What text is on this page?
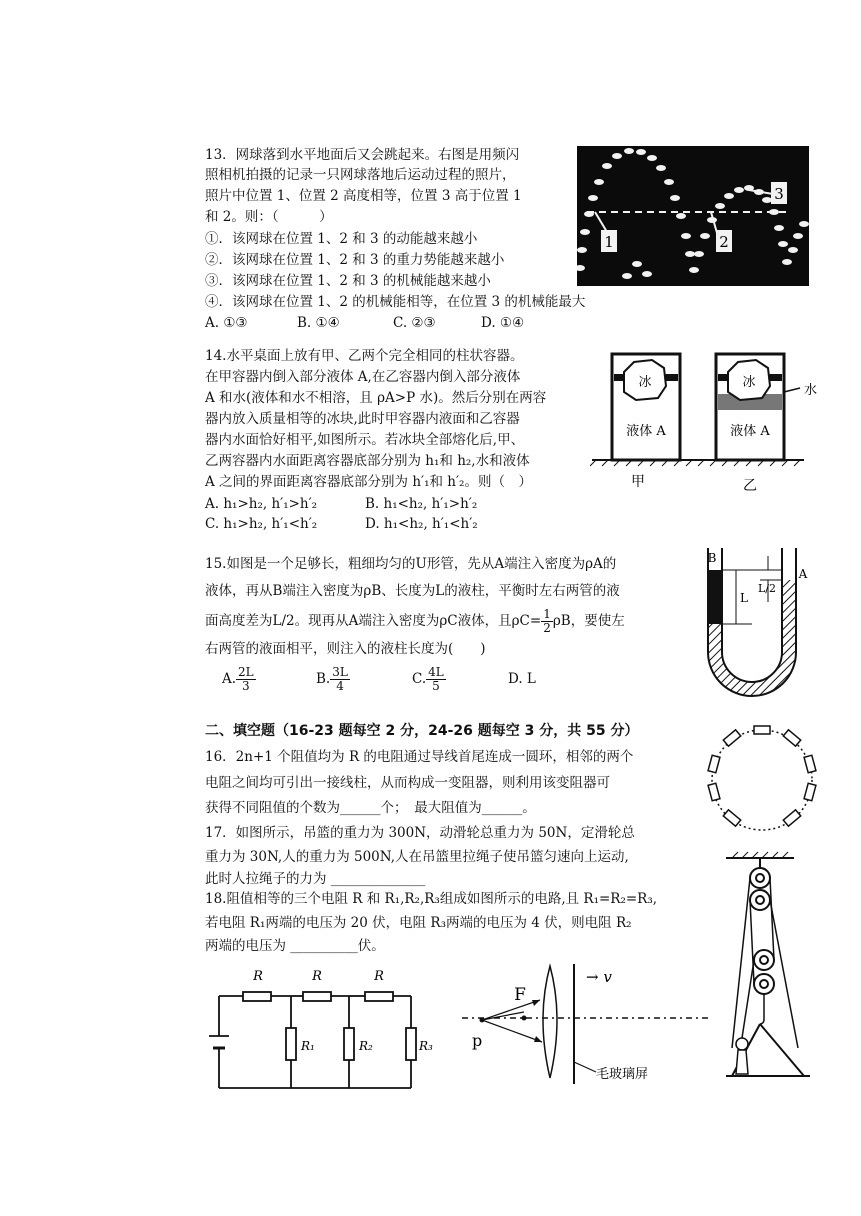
13．网球落到水平地面后又会跳起来。右图是用频闪
照相机拍摄的记录一只网球落地后运动过程的照片，
照片中位置 1、位置 2 高度相等，位置 3 高于位置 1
和 2。则：（　　　）
①．该网球在位置 1、2 和 3 的动能越来越小
②．该网球在位置 1、2 和 3 的重力势能越来越小
③．该网球在位置 1、2 和 3 的机械能越来越小
④．该网球在位置 1、2 的机械能相等，在位置 3 的机械能最大
A. ①③	B. ①④	C. ②③	D. ①④
1	2
3
14.水平桌面上放有甲、乙两个完全相同的柱状容器。
在甲容器内倒入部分液体 A,在乙容器内倒入部分液体
A 和水(液体和水不相溶，且 ρA>P 水)。然后分别在两容
器内放入质量相等的冰块,此时甲容器内液面和乙容器
器内水面恰好相平,如图所示。若冰块全部熔化后,甲、
乙两容器内水面距离容器底部分别为 h₁和 h₂,水和液体
A 之间的界面距离容器底部分别为 h′₁和 h′₂。则（　）
A. h₁>h₂, h′₁>h′₂	B. h₁<h₂, h′₁>h′₂
C. h₁>h₂, h′₁<h′₂	D. h₁<h₂, h′₁<h′₂
冰
液体 A
冰
液体 A
水
甲	乙
15.如图是一个足够长，粗细均匀的U形管，先从A端注入密度为ρA的
液体，再从B端注入密度为ρB、长度为L的液柱，平衡时左右两管的液
面高度差为L/2。现再从A端注入密度为ρC液体，且$\rho C= \frac{1}{2}$ ρB，要使左
右两管的液面相平，则注入的液柱长度为(　　)
A. $\frac{2L}{3}$	B. $\frac{3L}{4}$	C. $\frac{4L}{5}$	D. L
B
A
L
L/2
二、填空题（16-23 题每空 2 分，24-26 题每空 3 分，共 55 分）
16．2n+1 个阻值均为 R 的电阻通过导线首尾连成一圆环，相邻的两个
电阻之间均可引出一接线柱，从而构成一变阻器，则利用该变阻器可
获得不同阻值的个数为______个；　最大阻值为______。
17．如图所示，吊篮的重力为 300N，动滑轮总重力为 50N，定滑轮总
重力为 30N,人的重力为 500N,人在吊篮里拉绳子使吊篮匀速向上运动,
此时人拉绳子的力为 ______________
18.阻值相等的三个电阻 R 和 R₁,R₂,R₃组成如图所示的电路,且 R₁=R₂=R₃,
若电阻 R₁两端的电压为 20 伏，电阻 R₃两端的电压为 4 伏，则电阻 R₂
两端的电压为 __________伏。
R	R	R
R₁	R₂	R₃
F
p
→ v
毛玻璃屏
